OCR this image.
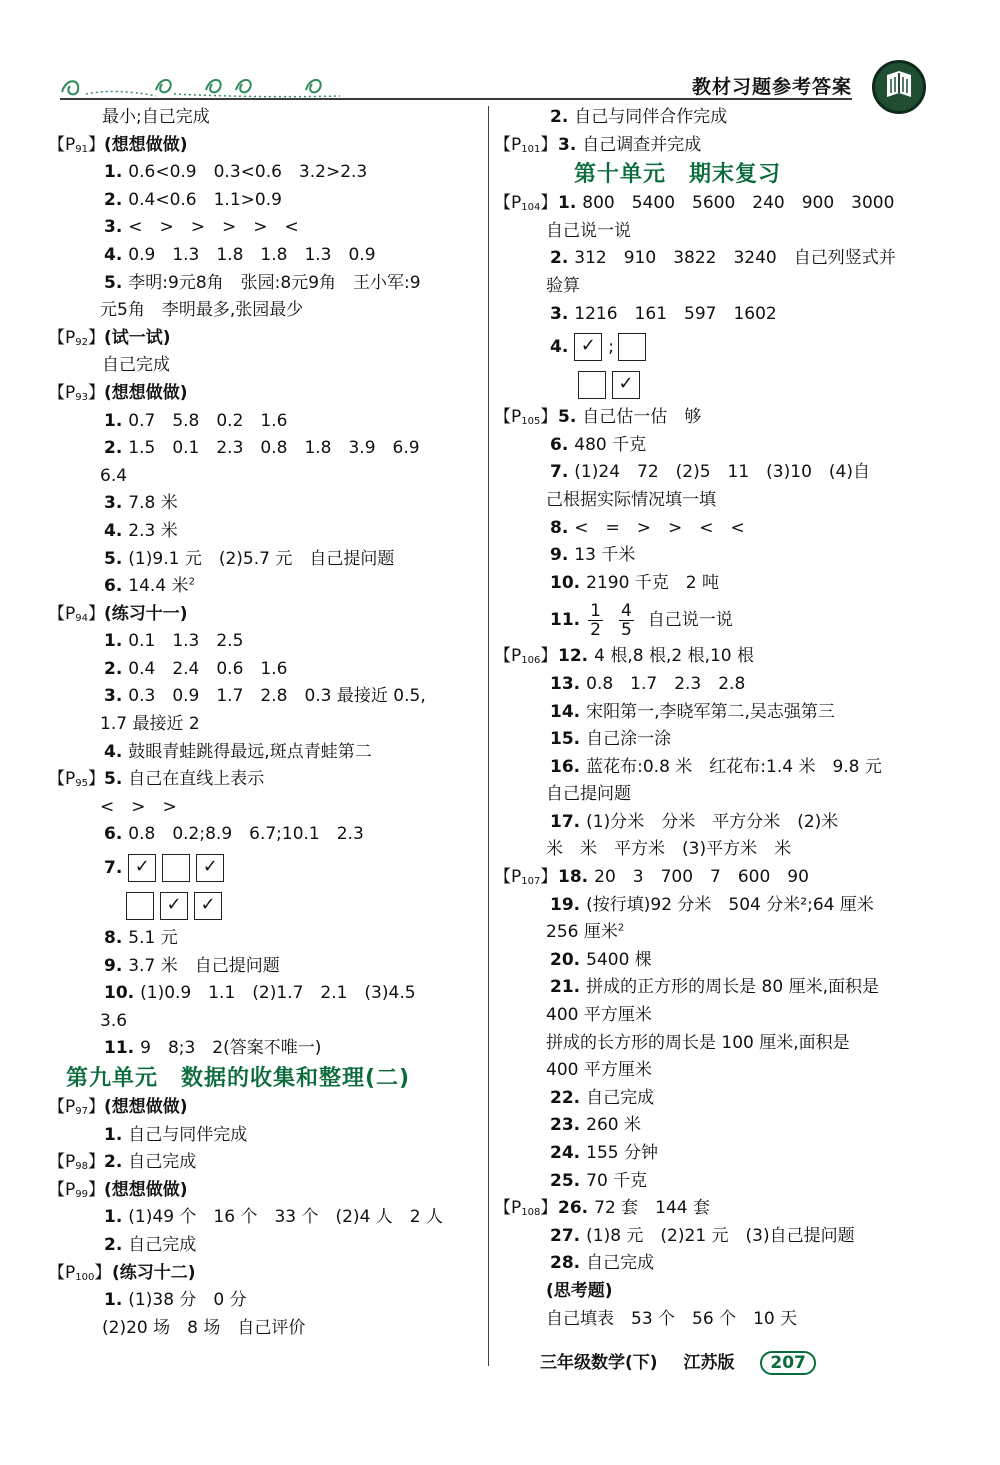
教材习题参考答案
最小;自己完成
【$P_{91}$】 (想想做做)
1. 0.6<0.9　0.3<0.6　3.2>2.3
2. 0.4<0.6　1.1>0.9
3. <　>　>　>　>　<
4. 0.9　1.3　1.8　1.8　1.3　0.9
5. 李明:9元8角　张园:8元9角　王小军:9
元5角　李明最多,张园最少
【$P_{92}$】 (试一试)
自己完成
【$P_{93}$】 (想想做做)
1. 0.7　5.8　0.2　1.6
2. 1.5　0.1　2.3　0.8　1.8　3.9　6.9
6.4
3. 7.8 米
4. 2.3 米
5. (1)9.1 元　(2)5.7 元　自己提问题
6. 14.4 米$^2$
【$P_{94}$】 (练习十一)
1. 0.1　1.3　2.5
2. 0.4　2.4　0.6　1.6
3. 0.3　0.9　1.7　2.8　0.3 最接近 0.5,
1.7 最接近 2
4. 鼓眼青蛙跳得最远,斑点青蛙第二
【$P_{95}$】 5. 自己在直线上表示
<　>　>
6. 0.8　0.2;8.9　6.7;10.1　2.3
7. ✓	✓
✓ ✓
8. 5.1 元
9. 3.7 米　自己提问题
10. (1)0.9　1.1　(2)1.7　2.1　(3)4.5
3.6
11. 9　8;3　2(答案不唯一)
第九单元　数据的收集和整理(二)
【$P_{97}$】 (想想做做)
1. 自己与同伴完成
【$P_{98}$】 2. 自己完成
【$P_{99}$】 (想想做做)
1. (1)49 个　16 个　33 个　(2)4 人　2 人
2. 自己完成
【$P_{100}$】 (练习十二)
1. (1)38 分　0 分
(2)20 场　8 场　自己评价
2. 自己与同伴合作完成
【$P_{101}$】 3. 自己调查并完成
第十单元　期末复习
【$P_{104}$】 1. 800　5400　5600　240　900　3000
自己说一说
2. 312　910　3822　3240　自己列竖式并
验算
3. 1216　161　597　1602
4. ✓ ;
✓
【$P_{105}$】 5. 自己估一估　够
6. 480 千克
7. (1)24　72　(2)5　11　(3)10　(4)自
己根据实际情况填一填
8. <　=　>　>　<　<
9. 13 千米
10. 2190 千克　2 吨
11. $\frac{1}{2} \frac{4}{5}$ 自己说一说
【$P_{106}$】 12. 4 根,8 根,2 根,10 根
13. 0.8　1.7　2.3　2.8
14. 宋阳第一,李晓军第二,吴志强第三
15. 自己涂一涂
16. 蓝花布:0.8 米　红花布:1.4 米　9.8 元
自己提问题
17. (1)分米　分米　平方分米　(2)米
米　米　平方米　(3)平方米　米
【$P_{107}$】 18. 20　3　700　7　600　90
19. (按行填)92 分米　504 分米²;64 厘米
256 厘米$^2$
20. 5400 棵
21. 拼成的正方形的周长是 80 厘米,面积是
400 平方厘米
拼成的长方形的周长是 100 厘米,面积是
400 平方厘米
22. 自己完成
23. 260 米
24. 155 分钟
25. 70 千克
【$P_{108}$】 26. 72 套　144 套
27. (1)8 元　(2)21 元　(3)自己提问题
28. 自己完成
(思考题)
自己填表　53 个　56 个　10 天
三年级数学(下) 江苏版 207
